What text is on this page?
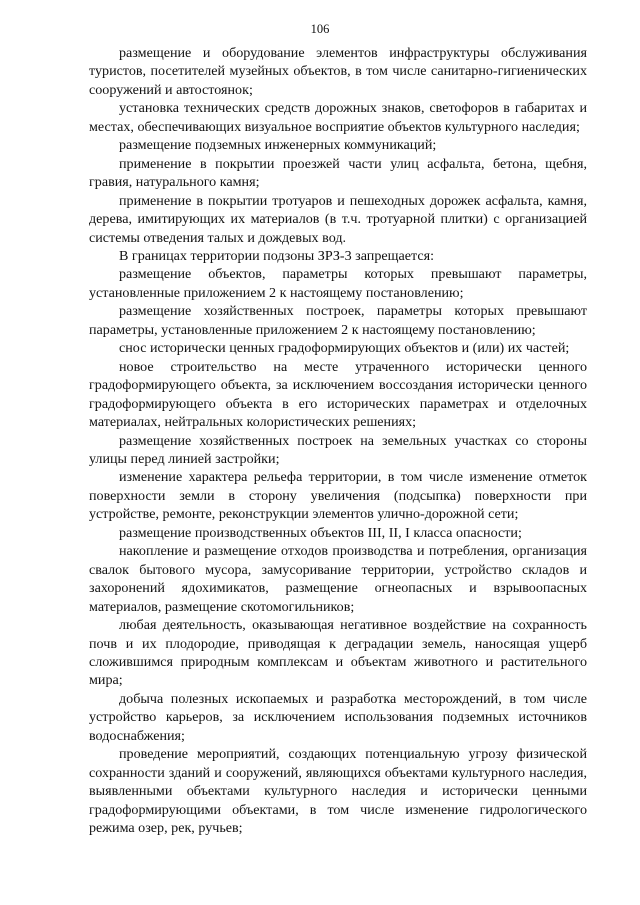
106

размещение и оборудование элементов инфраструктуры обслуживания туристов, посетителей музейных объектов, в том числе санитарно-гигиенических сооружений и автостоянок;

установка технических средств дорожных знаков, светофоров в габаритах и местах, обеспечивающих визуальное восприятие объектов культурного наследия;

размещение подземных инженерных коммуникаций;

применение в покрытии проезжей части улиц асфальта, бетона, щебня, гравия, натурального камня;

применение в покрытии тротуаров и пешеходных дорожек асфальта, камня, дерева, имитирующих их материалов (в т.ч. тротуарной плитки) с организацией системы отведения талых и дождевых вод.

В границах территории подзоны ЗРЗ-3 запрещается:

размещение объектов, параметры которых превышают параметры, установленные приложением 2 к настоящему постановлению;

размещение хозяйственных построек, параметры которых превышают параметры, установленные приложением 2 к настоящему постановлению;

снос исторически ценных градоформирующих объектов и (или) их частей;

новое строительство на месте утраченного исторически ценного градоформирующего объекта, за исключением воссоздания исторически ценного градоформирующего объекта в его исторических параметрах и отделочных материалах, нейтральных колористических решениях;

размещение хозяйственных построек на земельных участках со стороны улицы перед линией застройки;

изменение характера рельефа территории, в том числе изменение отметок поверхности земли в сторону увеличения (подсыпка) поверхности при устройстве, ремонте, реконструкции элементов улично-дорожной сети;

размещение производственных объектов III, II, I класса опасности;

накопление и размещение отходов производства и потребления, организация свалок бытового мусора, замусоривание территории, устройство складов и захоронений ядохимикатов, размещение огнеопасных и взрывоопасных материалов, размещение скотомогильников;

любая деятельность, оказывающая негативное воздействие на сохранность почв и их плодородие, приводящая к деградации земель, наносящая ущерб сложившимся природным комплексам и объектам животного и растительного мира;

добыча полезных ископаемых и разработка месторождений, в том числе устройство карьеров, за исключением использования подземных источников водоснабжения;

проведение мероприятий, создающих потенциальную угрозу физической сохранности зданий и сооружений, являющихся объектами культурного наследия, выявленными объектами культурного наследия и исторически ценными градоформирующими объектами, в том числе изменение гидрологического режима озер, рек, ручьев;
